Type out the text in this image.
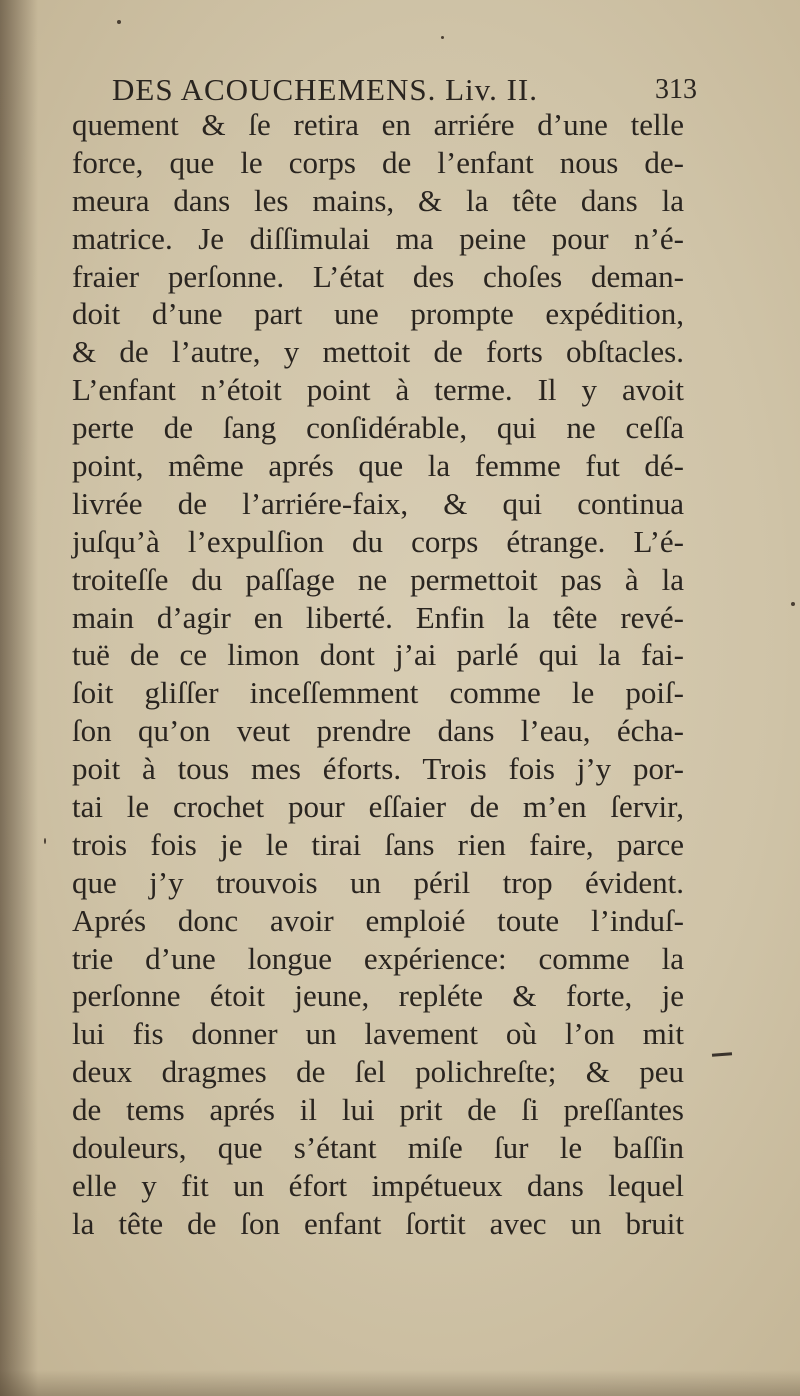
DES ACOUCHEMENS. Liv. II.	313
quement & ſe retira en arriére d’une telle
force, que le corps de l’enfant nous de-
meura dans les mains, & la tête dans la
matrice. Je diſſimulai ma peine pour n’é-
fraier perſonne. L’état des choſes deman-
doit d’une part une prompte expédition,
& de l’autre, y mettoit de forts obſtacles.
L’enfant n’étoit point à terme. Il y avoit
perte de ſang conſidérable, qui ne ceſſa
point, même aprés que la femme fut dé-
livrée de l’arriére-faix, & qui continua
juſqu’à l’expulſion du corps étrange. L’é-
troiteſſe du paſſage ne permettoit pas à la
main d’agir en liberté. Enfin la tête revé-
tuë de ce limon dont j’ai parlé qui la fai-
ſoit gliſſer inceſſemment comme le poiſ-
ſon qu’on veut prendre dans l’eau, écha-
poit à tous mes éforts. Trois fois j’y por-
tai le crochet pour eſſaier de m’en ſervir,
trois fois je le tirai ſans rien faire, parce
que j’y trouvois un péril trop évident.
Aprés donc avoir emploié toute l’induſ-
trie d’une longue expérience: comme la
perſonne étoit jeune, repléte & forte, je
lui fis donner un lavement où l’on mit
deux dragmes de ſel polichreſte; & peu
de tems aprés il lui prit de ſi preſſantes
douleurs, que s’étant miſe ſur le baſſin
elle y fit un éfort impétueux dans lequel
la tête de ſon enfant ſortit avec un bruit
